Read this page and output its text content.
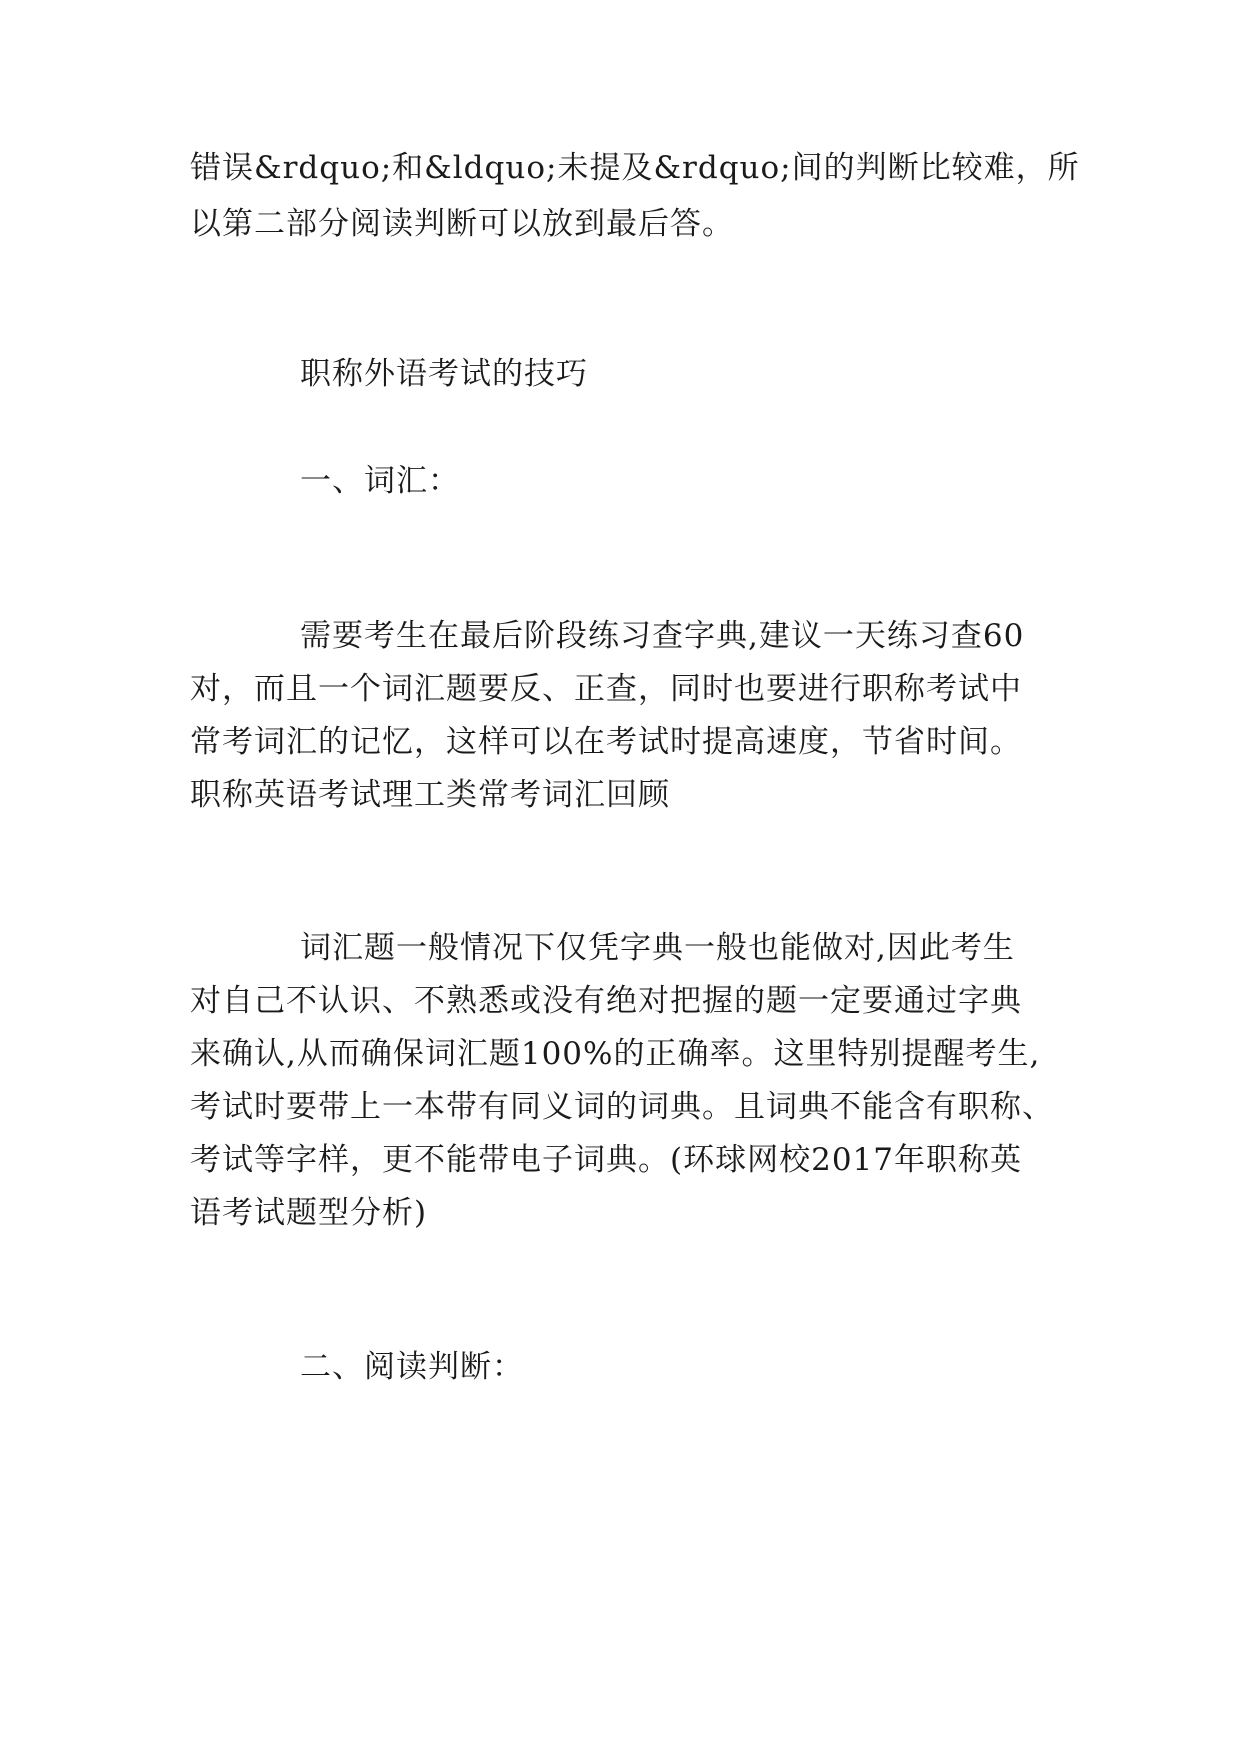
错误&rdquo;和&ldquo;未提及&rdquo;间的判断比较难，所
以第二部分阅读判断可以放到最后答。
职称外语考试的技巧
一、词汇：
需要考生在最后阶段练习查字典,建议一天练习查60
对，而且一个词汇题要反、正查，同时也要进行职称考试中
常考词汇的记忆，这样可以在考试时提高速度，节省时间。
职称英语考试理工类常考词汇回顾
词汇题一般情况下仅凭字典一般也能做对,因此考生
对自己不认识、不熟悉或没有绝对把握的题一定要通过字典
来确认,从而确保词汇题100%的正确率。这里特别提醒考生,
考试时要带上一本带有同义词的词典。且词典不能含有职称、
考试等字样，更不能带电子词典。(环球网校2017年职称英
语考试题型分析)
二、阅读判断：
